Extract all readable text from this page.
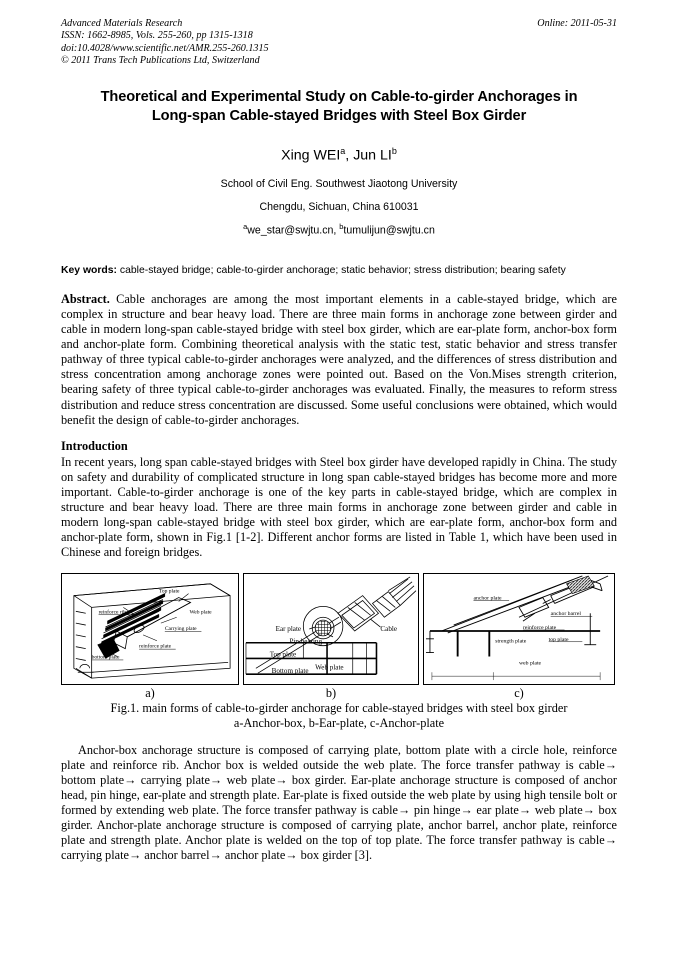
Advanced Materials Research	Online: 2011-05-31
ISSN: 1662-8985, Vols. 255-260, pp 1315-1318
doi:10.4028/www.scientific.net/AMR.255-260.1315
© 2011 Trans Tech Publications Ltd, Switzerland
Theoretical and Experimental Study on Cable-to-girder Anchorages in
Long-span Cable-stayed Bridges with Steel Box Girder
Xing WEI$^a$, Jun $LI^b$
School of Civil Eng. Southwest Jiaotong University
Chengdu, Sichuan, China 610031
$^a$we_star@swjtu.cn, $^b$tumulijun@swjtu.cn
Key words: cable-stayed bridge; cable-to-girder anchorage; static behavior; stress distribution; bearing safety
Abstract. Cable anchorages are among the most important elements in a cable-stayed bridge, which are complex in structure and bear heavy load. There are three main forms in anchorage zone between girder and cable in modern long-span cable-stayed bridge with steel box girder, which are ear-plate form, anchor-box form and anchor-plate form. Combining theoretical analysis with the static test, static behavior and stress transfer pathway of three typical cable-to-girder anchorages were analyzed, and the differences of stress distribution and stress concentration among anchorage zones were pointed out. Based on the Von.Mises strength criterion, bearing safety of three typical cable-to-girder anchorages was evaluated. Finally, the measures to reform stress distribution and reduce stress concentration are discussed. Some useful conclusions were obtained, which would benefit the design of cable-to-girder anchorages.
Introduction
In recent years, long span cable-stayed bridges with Steel box girder have developed rapidly in China. The study on safety and durability of complicated structure in long span cable-stayed bridges has become more and more important. Cable-to-girder anchorage is one of the key parts in cable-stayed bridge, which are complex in structure and bear heavy load. There are three main forms in anchorage zone between girder and cable in modern long-span cable-stayed bridge with steel box girder, which are ear-plate form, anchor-box form and anchor-plate form, shown in Fig.1 [1-2]. Different anchor forms are listed in Table 1, which have been used in Chinese and foreign bridges.
Top plate
reinforce rib	Web plate
Carrying plate
reinforce plate
bottom plate
Ear plate
Pin bearing
Cable
Top plate
Web plate
Bottom plate
anchor plate
anchor barrel
reinforce plate
strength plate	top plate
web plate
a)	b)	c)
Fig.1. main forms of cable-to-girder anchorage for cable-stayed bridges with steel box girder
a-Anchor-box, b-Ear-plate, c-Anchor-plate
Anchor-box anchorage structure is composed of carrying plate, bottom plate with a circle hole, reinforce plate and reinforce rib. Anchor box is welded outside the web plate. The force transfer pathway is cable→ bottom plate→ carrying plate→ web plate→ box girder. Ear-plate anchorage structure is composed of anchor head, pin hinge, ear-plate and strength plate. Ear-plate is fixed outside the web plate by using high tensile bolt or formed by extending web plate. The force transfer pathway is cable→ pin hinge→ ear plate→ web plate→ box girder. Anchor-plate anchorage structure is composed of carrying plate, anchor barrel, anchor plate, reinforce plate and strength plate. Anchor plate is welded on the top of top plate. The force transfer pathway is cable→ carrying plate→ anchor barrel→ anchor plate→ box girder [3].
